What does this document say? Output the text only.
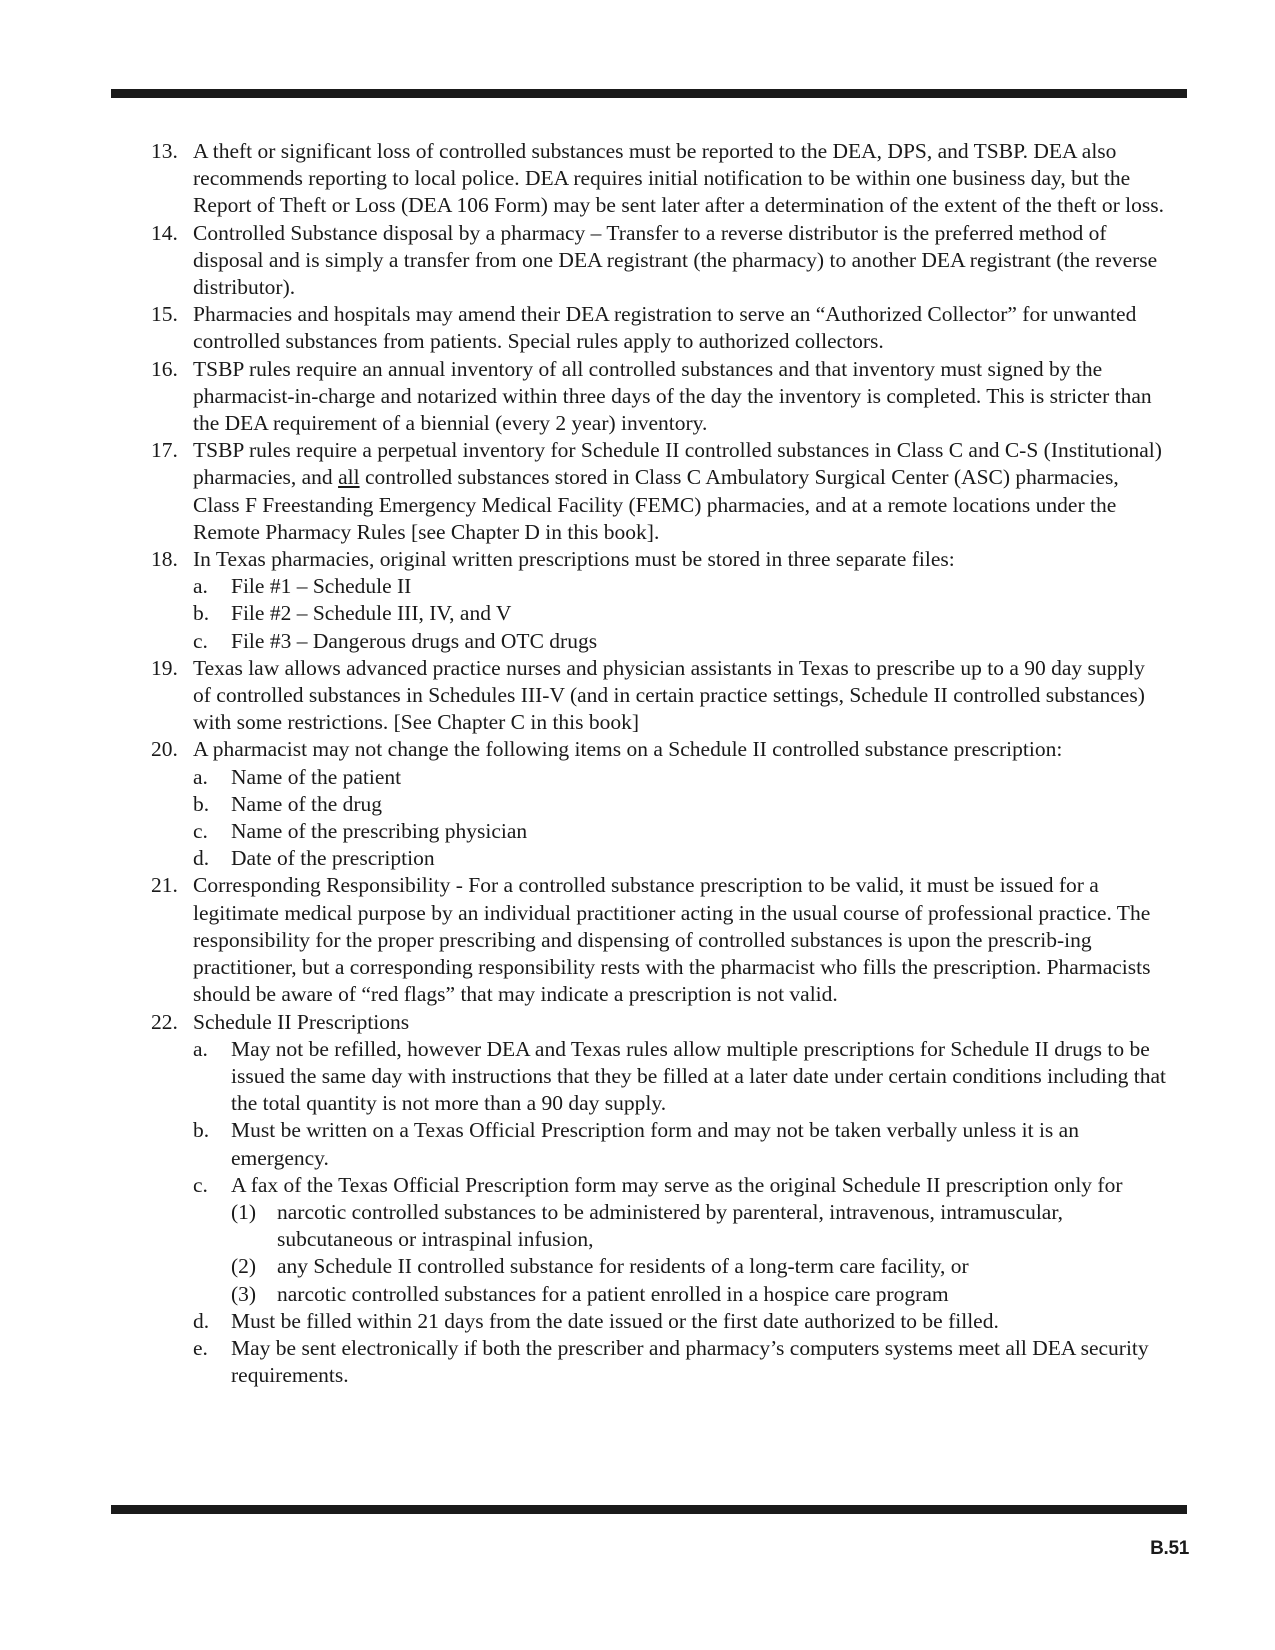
13. A theft or significant loss of controlled substances must be reported to the DEA, DPS, and TSBP. DEA also recommends reporting to local police. DEA requires initial notification to be within one business day, but the Report of Theft or Loss (DEA 106 Form) may be sent later after a determination of the extent of the theft or loss.
14. Controlled Substance disposal by a pharmacy – Transfer to a reverse distributor is the preferred method of disposal and is simply a transfer from one DEA registrant (the pharmacy) to another DEA registrant (the reverse distributor).
15. Pharmacies and hospitals may amend their DEA registration to serve an “Authorized Collector” for unwanted controlled substances from patients. Special rules apply to authorized collectors.
16. TSBP rules require an annual inventory of all controlled substances and that inventory must signed by the pharmacist-in-charge and notarized within three days of the day the inventory is completed. This is stricter than the DEA requirement of a biennial (every 2 year) inventory.
17. TSBP rules require a perpetual inventory for Schedule II controlled substances in Class C and C-S (Institutional) pharmacies, and all controlled substances stored in Class C Ambulatory Surgical Center (ASC) pharmacies, Class F Freestanding Emergency Medical Facility (FEMC) pharmacies, and at a remote locations under the Remote Pharmacy Rules [see Chapter D in this book].
18. In Texas pharmacies, original written prescriptions must be stored in three separate files:
a. File #1 – Schedule II
b. File #2 – Schedule III, IV, and V
c. File #3 – Dangerous drugs and OTC drugs
19. Texas law allows advanced practice nurses and physician assistants in Texas to prescribe up to a 90 day supply of controlled substances in Schedules III-V (and in certain practice settings, Schedule II controlled substances) with some restrictions. [See Chapter C in this book]
20. A pharmacist may not change the following items on a Schedule II controlled substance prescription:
a. Name of the patient
b. Name of the drug
c. Name of the prescribing physician
d. Date of the prescription
21. Corresponding Responsibility - For a controlled substance prescription to be valid, it must be issued for a legitimate medical purpose by an individual practitioner acting in the usual course of professional practice. The responsibility for the proper prescribing and dispensing of controlled substances is upon the prescrib-ing practitioner, but a corresponding responsibility rests with the pharmacist who fills the prescription. Pharmacists should be aware of “red flags” that may indicate a prescription is not valid.
22. Schedule II Prescriptions
a. May not be refilled, however DEA and Texas rules allow multiple prescriptions for Schedule II drugs to be issued the same day with instructions that they be filled at a later date under certain conditions including that the total quantity is not more than a 90 day supply.
b. Must be written on a Texas Official Prescription form and may not be taken verbally unless it is an emergency.
c. A fax of the Texas Official Prescription form may serve as the original Schedule II prescription only for
(1) narcotic controlled substances to be administered by parenteral, intravenous, intramuscular, subcutaneous or intraspinal infusion,
(2) any Schedule II controlled substance for residents of a long-term care facility, or
(3) narcotic controlled substances for a patient enrolled in a hospice care program
d. Must be filled within 21 days from the date issued or the first date authorized to be filled.
e. May be sent electronically if both the prescriber and pharmacy’s computers systems meet all DEA security requirements.
B.51
